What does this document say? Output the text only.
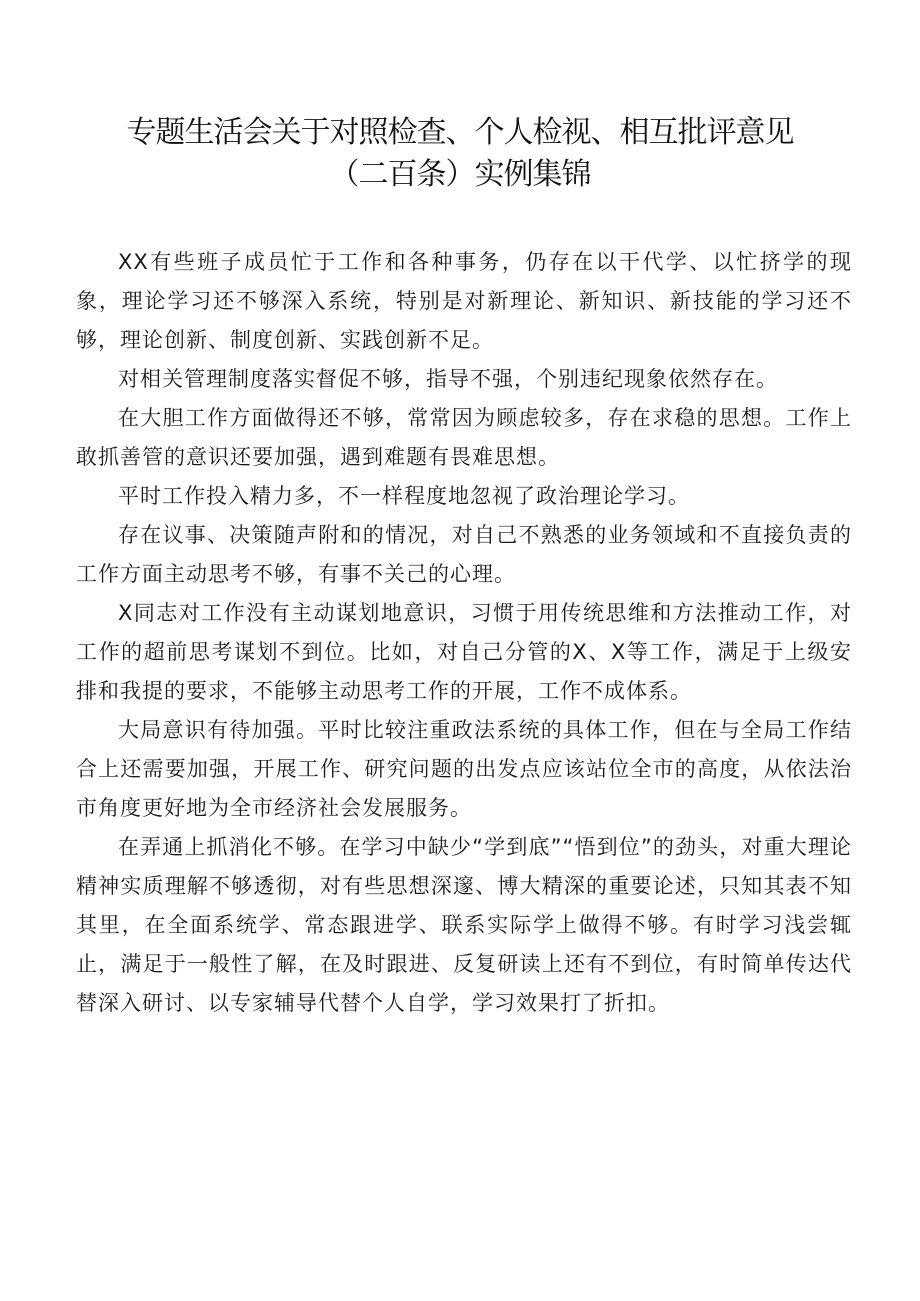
专题生活会关于对照检查、个人检视、相互批评意见
（二百条）实例集锦

XX有些班子成员忙于工作和各种事务，仍存在以干代学、以忙挤学的现象，理论学习还不够深入系统，特别是对新理论、新知识、新技能的学习还不够，理论创新、制度创新、实践创新不足。

对相关管理制度落实督促不够，指导不强，个别违纪现象依然存在。

在大胆工作方面做得还不够，常常因为顾虑较多，存在求稳的思想。工作上敢抓善管的意识还要加强，遇到难题有畏难思想。

平时工作投入精力多，不一样程度地忽视了政治理论学习。

存在议事、决策随声附和的情况，对自己不熟悉的业务领域和不直接负责的工作方面主动思考不够，有事不关己的心理。

X同志对工作没有主动谋划地意识，习惯于用传统思维和方法推动工作，对工作的超前思考谋划不到位。比如，对自己分管的X、X等工作，满足于上级安排和我提的要求，不能够主动思考工作的开展，工作不成体系。

大局意识有待加强。平时比较注重政法系统的具体工作，但在与全局工作结合上还需要加强，开展工作、研究问题的出发点应该站位全市的高度，从依法治市角度更好地为全市经济社会发展服务。

在弄通上抓消化不够。在学习中缺少“学到底”“悟到位”的劲头，对重大理论精神实质理解不够透彻，对有些思想深邃、博大精深的重要论述，只知其表不知其里，在全面系统学、常态跟进学、联系实际学上做得不够。有时学习浅尝辄止，满足于一般性了解，在及时跟进、反复研读上还有不到位，有时简单传达代替深入研讨、以专家辅导代替个人自学，学习效果打了折扣。
